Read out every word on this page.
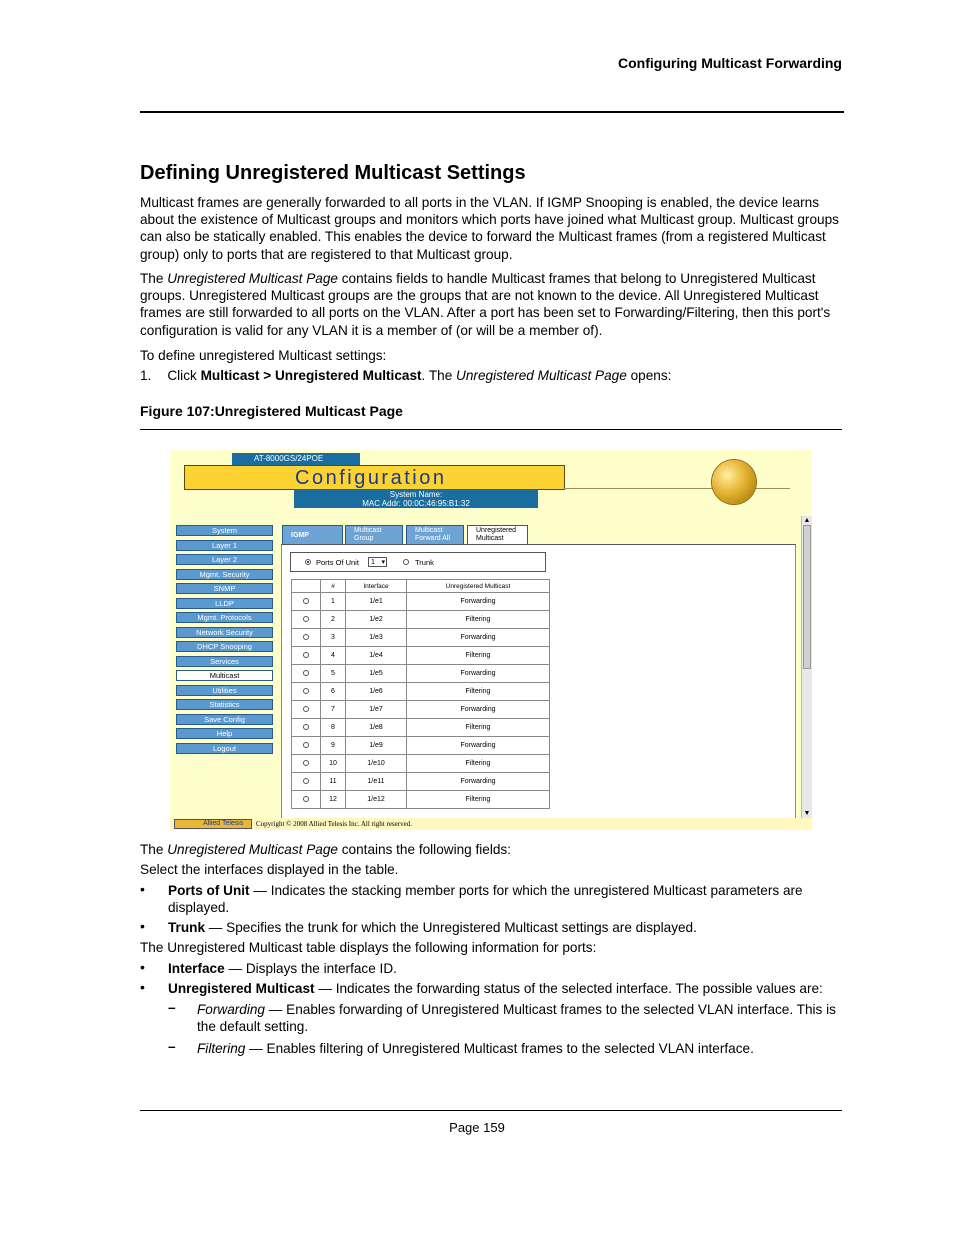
Configuring Multicast Forwarding
Defining Unregistered Multicast Settings
Multicast frames are generally forwarded to all ports in the VLAN. If IGMP Snooping is enabled, the device learns about the existence of Multicast groups and monitors which ports have joined what Multicast group. Multicast groups can also be statically enabled. This enables the device to forward the Multicast frames (from a registered Multicast group) only to ports that are registered to that Multicast group.
The Unregistered Multicast Page contains fields to handle Multicast frames that belong to Unregistered Multicast groups. Unregistered Multicast groups are the groups that are not known to the device. All Unregistered Multicast frames are still forwarded to all ports on the VLAN. After a port has been set to Forwarding/Filtering, then this port's configuration is valid for any VLAN it is a member of (or will be a member of).
To define unregistered Multicast settings:
1. Click Multicast > Unregistered Multicast. The Unregistered Multicast Page opens:
Figure 107:Unregistered Multicast Page
AT-8000GS/24POE
Configuration
System Name:
MAC Addr: 00:0C:46:95:B1:32
System
Layer 1
Layer 2
Mgmt. Security
SNMP
LLDP
Mgmt. Protocols
Network Security
DHCP Snooping
Services
Multicast
Utilities
Statistics
Save Config
Help
Logout
IGMP
Multicast
Group
Multicast
Forward All
Unregistered
Multicast
Ports Of Unit	1 ▾	Trunk
	#	Interface	Unregistered Multicast
	1	1/e1	Forwarding
	2	1/e2	Filtering
	3	1/e3	Forwarding
	4	1/e4	Filtering
	5	1/e5	Forwarding
	6	1/e6	Filtering
	7	1/e7	Forwarding
	8	1/e8	Filtering
	9	1/e9	Forwarding
	10	1/e10	Filtering
	11	1/e11	Forwarding
	12	1/e12	Filtering
▲
▼
Allied Telesis	Copyright © 2008 Allied Telesis Inc. All right reserved.
The Unregistered Multicast Page contains the following fields:
Select the interfaces displayed in the table.
• Ports of Unit — Indicates the stacking member ports for which the unregistered Multicast parameters are displayed.
• Trunk — Specifies the trunk for which the Unregistered Multicast settings are displayed.
The Unregistered Multicast table displays the following information for ports:
• Interface — Displays the interface ID.
• Unregistered Multicast — Indicates the forwarding status of the selected interface. The possible values are:
– Forwarding — Enables forwarding of Unregistered Multicast frames to the selected VLAN interface. This is the default setting.
– Filtering — Enables filtering of Unregistered Multicast frames to the selected VLAN interface.
Page 159
